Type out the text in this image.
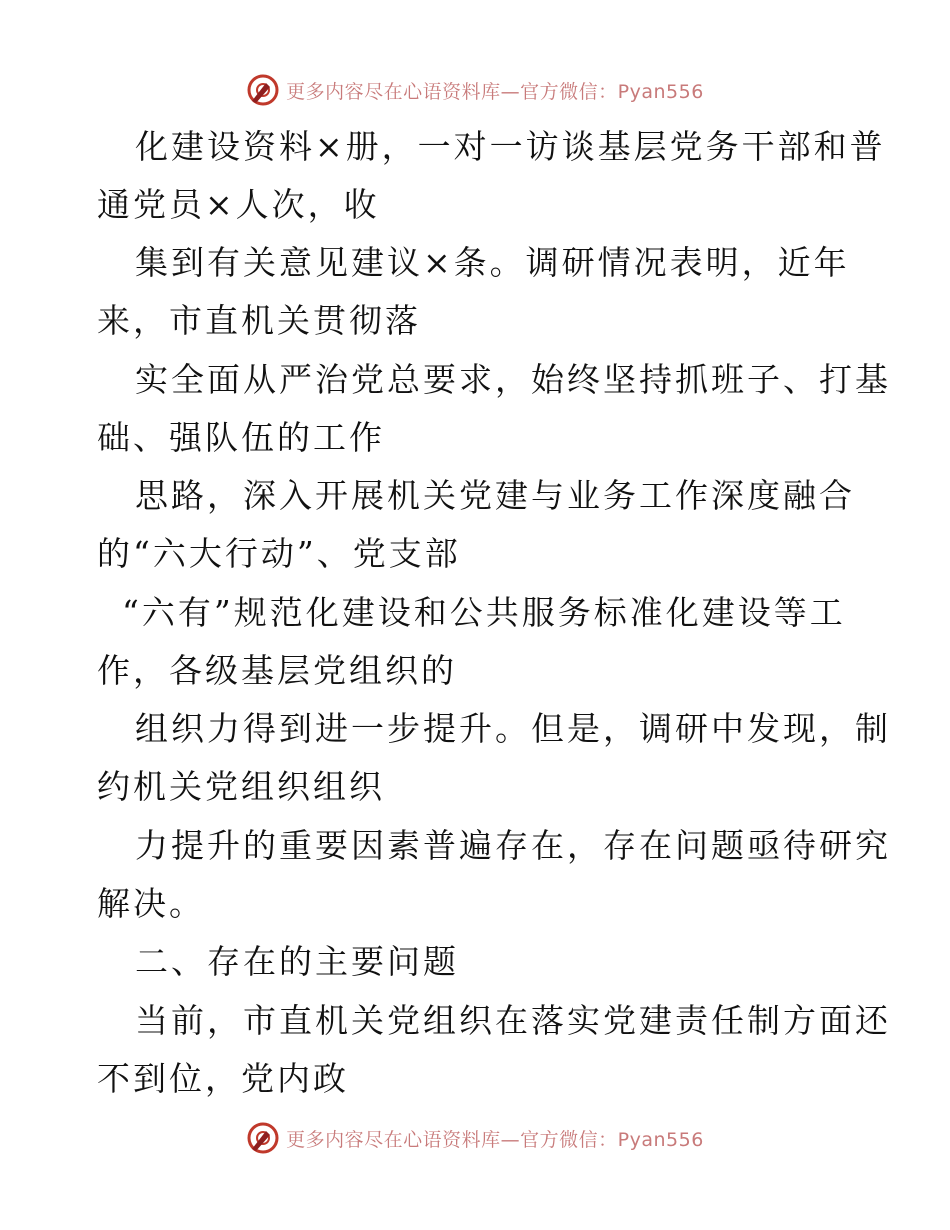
更多内容尽在心语资料库—官方微信：Pyan556
化建设资料×册，一对一访谈基层党务干部和普
通党员×人次，收
集到有关意见建议×条。调研情况表明，近年
来，市直机关贯彻落
实全面从严治党总要求，始终坚持抓班子、打基
础、强队伍的工作
思路，深入开展机关党建与业务工作深度融合
的“六大行动”、党支部
“六有”规范化建设和公共服务标准化建设等工
作，各级基层党组织的
组织力得到进一步提升。但是，调研中发现，制
约机关党组织组织
力提升的重要因素普遍存在，存在问题亟待研究
解决。
二、存在的主要问题
当前，市直机关党组织在落实党建责任制方面还
不到位，党内政
更多内容尽在心语资料库—官方微信：Pyan556
